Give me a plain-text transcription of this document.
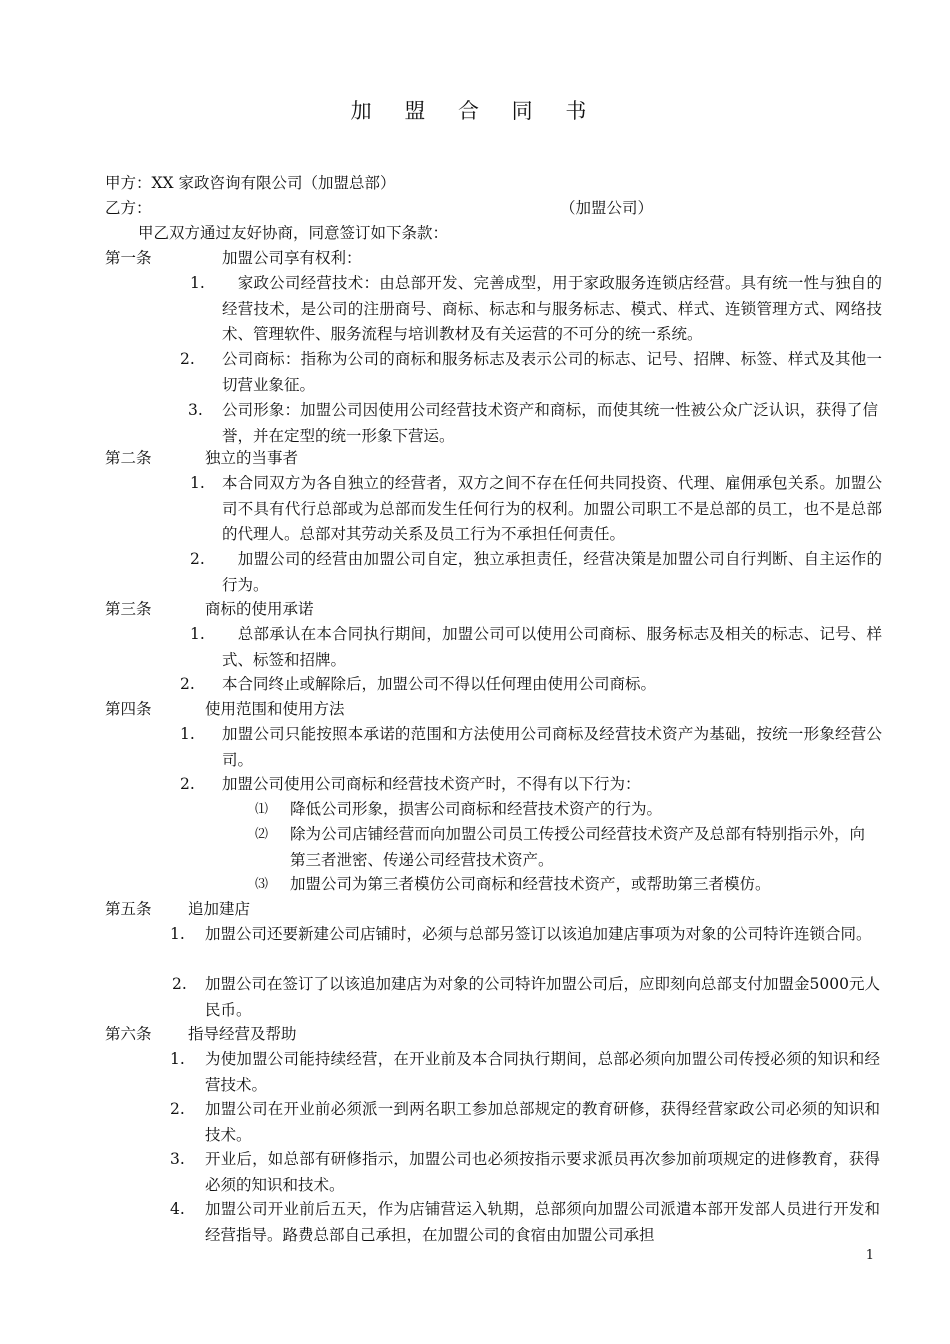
加 盟 合 同 书
甲方：XX 家政咨询有限公司（加盟总部）
乙方：	（加盟公司）
甲乙双方通过友好协商，同意签订如下条款：
第一条	加盟公司享有权利：
1. 　家政公司经营技术：由总部开发、完善成型，用于家政服务连锁店经营。具有统一性与独自的经营技术，是公司的注册商号、商标、标志和与服务标志、模式、样式、连锁管理方式、网络技术、管理软件、服务流程与培训教材及有关运营的不可分的统一系统。
2. 公司商标：指称为公司的商标和服务标志及表示公司的标志、记号、招牌、标签、样式及其他一切营业象征。
3. 公司形象：加盟公司因使用公司经营技术资产和商标，而使其统一性被公众广泛认识，获得了信誉，并在定型的统一形象下营运。
第二条	独立的当事者
1. 本合同双方为各自独立的经营者，双方之间不存在任何共同投资、代理、雇佣承包关系。加盟公司不具有代行总部或为总部而发生任何行为的权利。加盟公司职工不是总部的员工，也不是总部的代理人。总部对其劳动关系及员工行为不承担任何责任。
2. 　加盟公司的经营由加盟公司自定，独立承担责任，经营决策是加盟公司自行判断、自主运作的行为。
第三条	商标的使用承诺
1. 　总部承认在本合同执行期间，加盟公司可以使用公司商标、服务标志及相关的标志、记号、样式、标签和招牌。
2. 本合同终止或解除后，加盟公司不得以任何理由使用公司商标。
第四条	使用范围和使用方法
1. 加盟公司只能按照本承诺的范围和方法使用公司商标及经营技术资产为基础，按统一形象经营公司。
2. 加盟公司使用公司商标和经营技术资产时，不得有以下行为：
⑴ 降低公司形象，损害公司商标和经营技术资产的行为。
⑵ 除为公司店铺经营而向加盟公司员工传授公司经营技术资产及总部有特别指示外，向第三者泄密、传递公司经营技术资产。
⑶ 加盟公司为第三者模仿公司商标和经营技术资产，或帮助第三者模仿。
第五条 追加建店
1. 加盟公司还要新建公司店铺时，必须与总部另签订以该追加建店事项为对象的公司特许连锁合同。
2. 加盟公司在签订了以该追加建店为对象的公司特许加盟公司后，应即刻向总部支付加盟金5000元人民币。
第六条 指导经营及帮助
1. 为使加盟公司能持续经营，在开业前及本合同执行期间，总部必须向加盟公司传授必须的知识和经营技术。
2. 加盟公司在开业前必须派一到两名职工参加总部规定的教育研修，获得经营家政公司必须的知识和技术。
3. 开业后，如总部有研修指示，加盟公司也必须按指示要求派员再次参加前项规定的进修教育，获得必须的知识和技术。
4. 加盟公司开业前后五天，作为店铺营运入轨期，总部须向加盟公司派遣本部开发部人员进行开发和经营指导。路费总部自己承担，在加盟公司的食宿由加盟公司承担
1
